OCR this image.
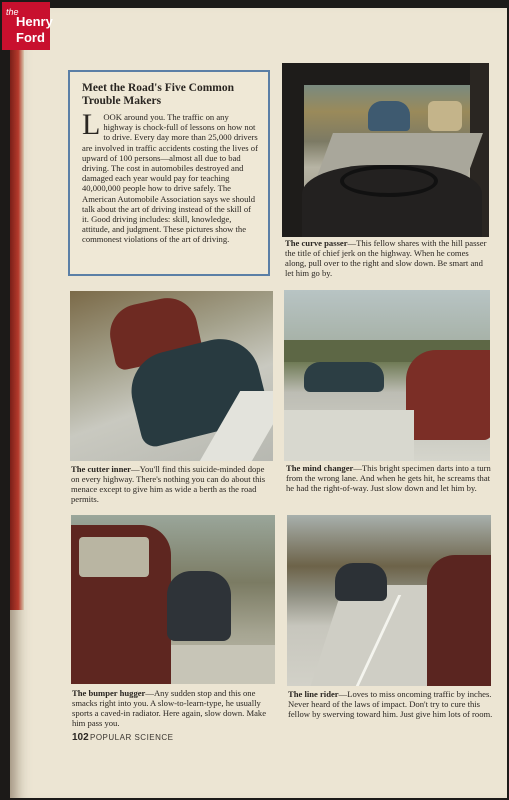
the
Henry
Ford

Meet the Road's Five Common Trouble Makers

LOOK around you. The traffic on any highway is chock-full of lessons on how not to drive. Every day more than 25,000 drivers are involved in traffic accidents costing the lives of upward of 100 persons—almost all due to bad driving. The cost in automobiles destroyed and damaged each year would pay for teaching 40,000,000 people how to drive safely. The American Automobile Association says we should talk about the art of driving instead of the skill of it. Good driving includes: skill, knowledge, attitude, and judgment. These pictures show the commonest violations of the art of driving.	The curve passer—This fellow shares with the hill passer the title of chief jerk on the highway. When he comes along, pull over to the right and slow down. Be smart and let him go by.

The cutter inner—You'll find this suicide-minded dope on every highway. There's nothing you can do about this menace except to give him as wide a berth as the road permits.

The mind changer—This bright specimen darts into a turn from the wrong lane. And when he gets hit, he screams that he had the right-of-way. Just slow down and let him by.

The bumper hugger—Any sudden stop and this one smacks right into you. A slow-to-learn-type, he usually sports a caved-in radiator. Here again, slow down. Make him pass you.

The line rider—Loves to miss oncoming traffic by inches. Never heard of the laws of impact. Don't try to cure this fellow by swerving toward him. Just give him lots of room.

102 POPULAR SCIENCE
